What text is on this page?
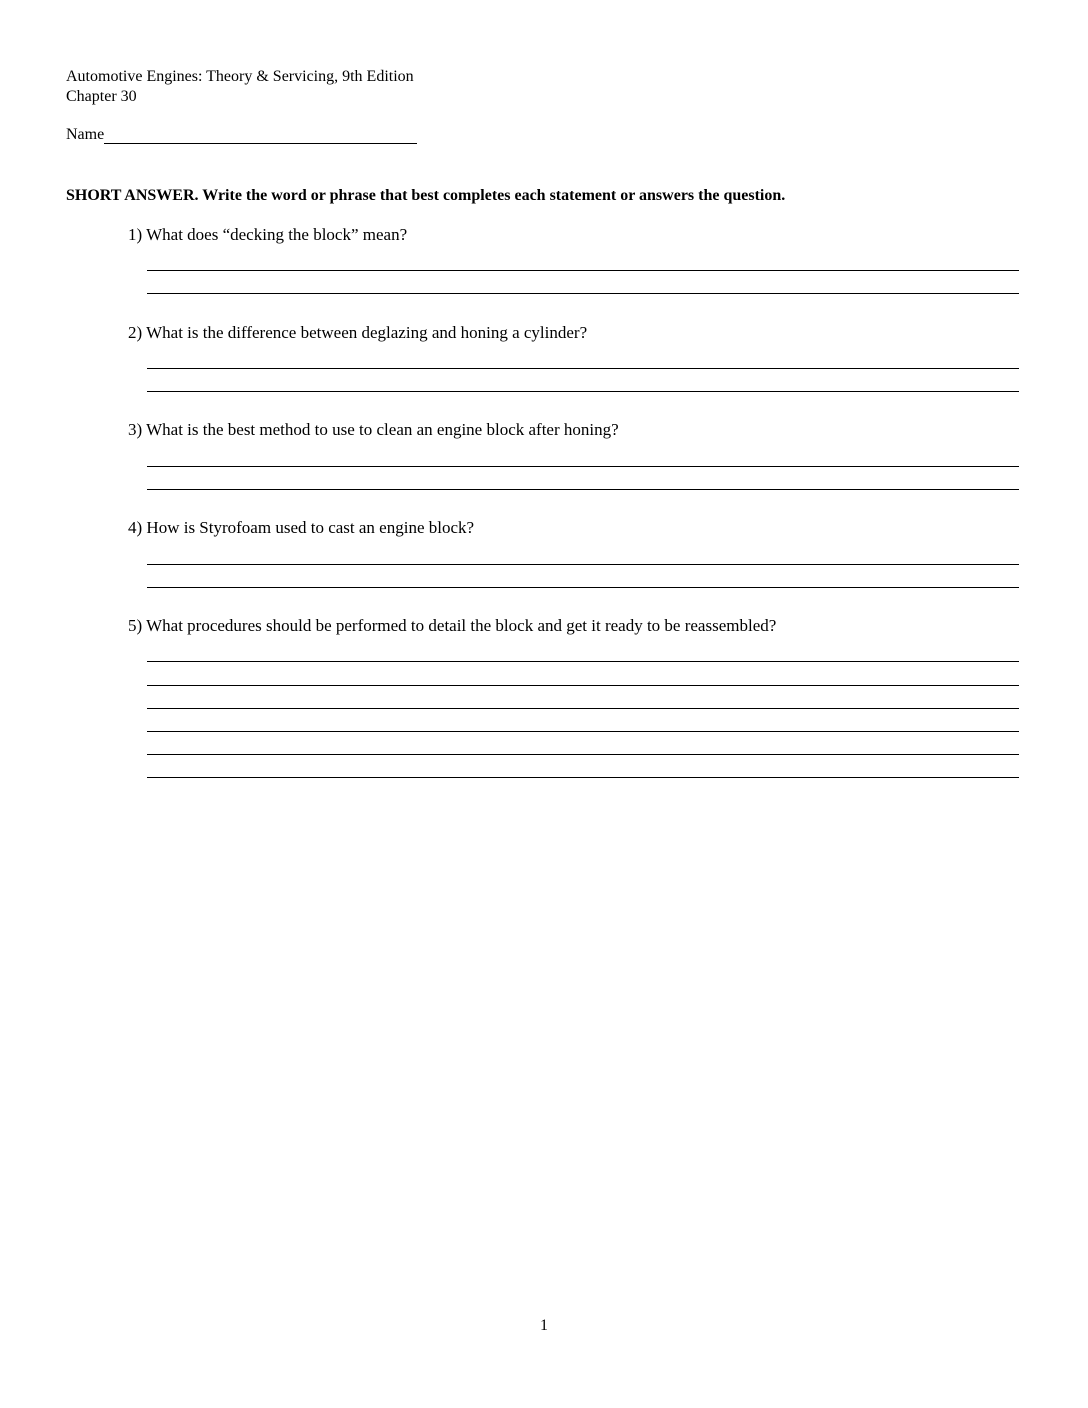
Automotive Engines: Theory & Servicing, 9th Edition
Chapter 30
Name
SHORT ANSWER. Write the word or phrase that best completes each statement or answers the question.
1) What does “decking the block” mean?
2) What is the difference between deglazing and honing a cylinder?
3) What is the best method to use to clean an engine block after honing?
4) How is Styrofoam used to cast an engine block?
5) What procedures should be performed to detail the block and get it ready to be reassembled?
1
